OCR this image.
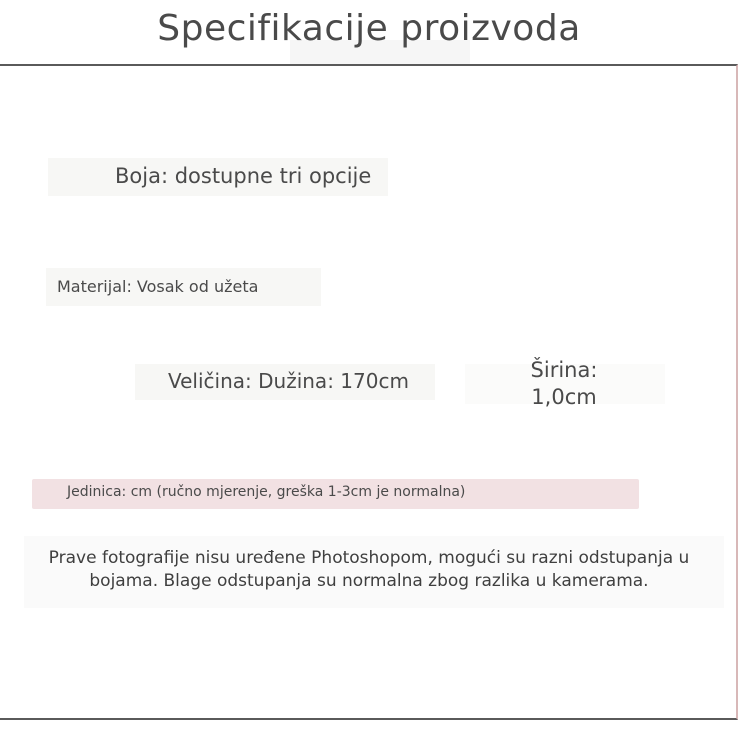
Specifikacije proizvoda
Boja: dostupne tri opcije
Materijal: Vosak od užeta
Veličina: Dužina: 170cm	Širina: 1,0cm
Jedinica: cm (ručno mjerenje, greška 1-3cm je normalna)
Prave fotografije nisu uređene Photoshopom, mogući su razni odstupanja u bojama. Blage odstupanja su normalna zbog razlika u kamerama.
